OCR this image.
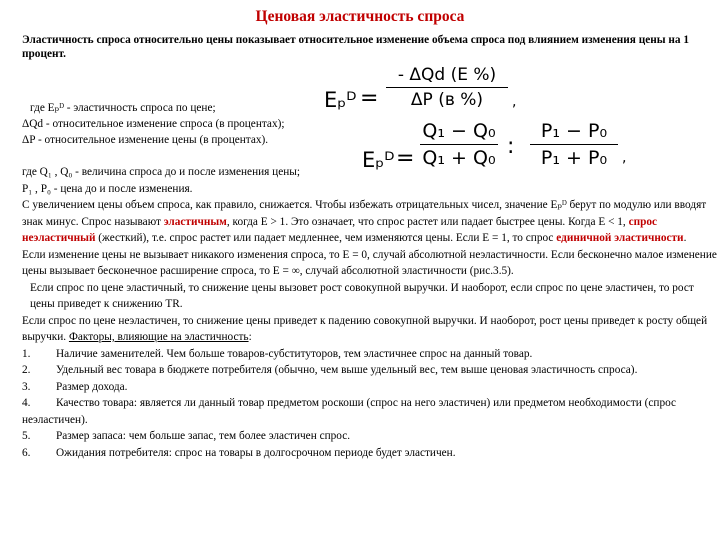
Ценовая эластичность спроса
Эластичность спроса относительно цены показывает относительное изменение объема спроса под влиянием изменения цены на 1 процент.
Eₚᴰ =
- ΔQd (E %)
ΔP (в %)	,
где Eₚᴰ - эластичность спроса по цене;
ΔQd - относительное изменение спроса (в процентах);
ΔP - относительное изменение цены (в процентах).
Eₚᴰ =
Q₁ − Q₀
Q₁ + Q₀ :
P₁ − P₀
P₁ + P₀	,

где Q₁ , Q₀ - величина спроса до и после изменения цены;

P₁ , P₀ - цена до и после изменения.

С увеличением цены объем спроса, как правило, снижается. Чтобы избежать отрицательных чисел, значение Eₚᴰ берут по модулю или вводят знак минус. Спрос называют эластичным, когда E > 1. Это означает, что спрос растет или падает быстрее цены. Когда E < 1, спрос неэластичный (жесткий), т.е. спрос растет или падает медленнее, чем изменяются цены. Если E = 1, то спрос единичной эластичности.

Если изменение цены не вызывает никакого изменения спроса, то E = 0, случай абсолютной неэластичности. Если бесконечно малое изменение цены вызывает бесконечное расширение спроса, то E = ∞, случай абсолютной эластичности (рис.3.5).

Если спрос по цене эластичный, то снижение цены вызовет рост совокупной выручки. И наоборот, если спрос по цене эластичен, то рост цены приведет к снижению TR.

Если спрос по цене неэластичен, то снижение цены приведет к падению совокупной выручки. И наоборот, рост цены приведет к росту общей выручки. Факторы, влияющие на эластичность:

1. Наличие заменителей. Чем больше товаров-субституторов, тем эластичнее спрос на данный товар.

2. Удельный вес товара в бюджете потребителя (обычно, чем выше удельный вес, тем выше ценовая эластичность спроса).

3. Размер дохода.

4. Качество товара: является ли данный товар предметом роскоши (спрос на него эластичен) или предметом необходимости (спрос неэластичен).

5. Размер запаса: чем больше запас, тем более эластичен спрос.

6. Ожидания потребителя: спрос на товары в долгосрочном периоде будет эластичен.
